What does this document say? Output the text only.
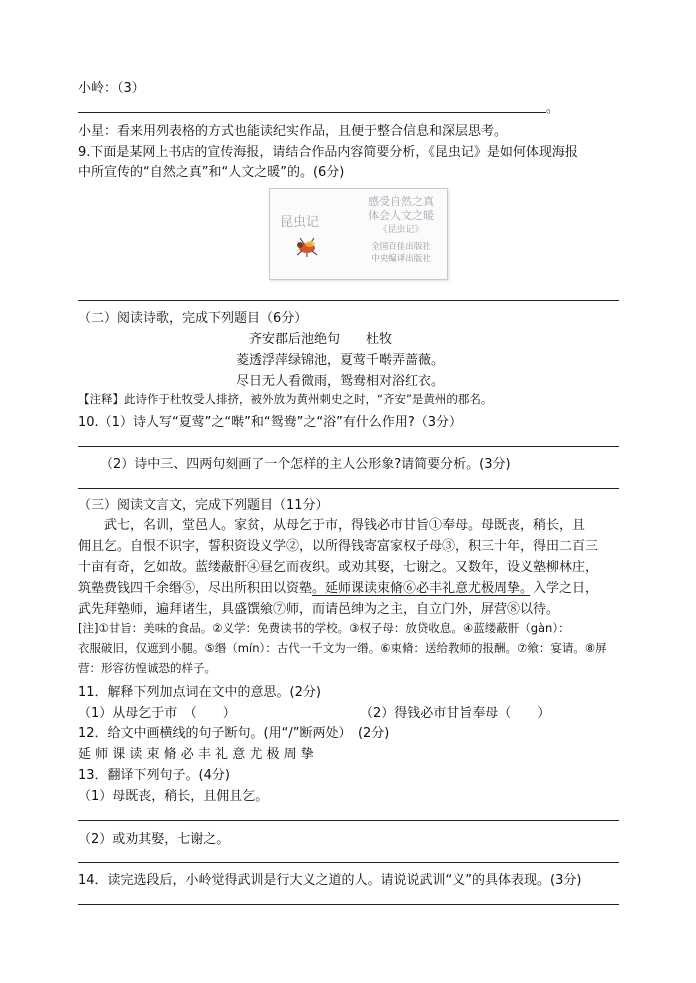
小岭：（3）
。
小星：看来用列表格的方式也能读纪实作品，且便于整合信息和深层思考。
9.下面是某网上书店的宣传海报，请结合作品内容简要分析，《昆虫记》是如何体现海报
中所宣传的“自然之真”和“人文之暖”的。(6分)
昆虫记
感受自然之真
体会人文之暖
《昆虫记》
全国百佳出版社
中央编译出版社
（二）阅读诗歌，完成下列题目（6分）
齐安郡后池绝句　　杜牧
菱透浮萍绿锦池，夏莺千啭弄蔷薇。
尽日无人看微雨，鸳鸯相对浴红衣。
【注释】此诗作于杜牧受人排挤，被外放为黄州刺史之时，“齐安”是黄州的郡名。
10.（1）诗人写“夏莺”之“啭”和“鸳鸯”之“浴”有什么作用?（3分）
（2）诗中三、四两句刻画了一个怎样的主人公形象?请简要分析。(3分)
（三）阅读文言文，完成下列题目（11分）
武七，名训，堂邑人。家贫，从母乞于市，得钱必市甘旨①奉母。母既丧，稍长，且
佣且乞。自恨不识字，誓积资设义学②，以所得钱寄富家权子母③，积三十年，得田二百三
十亩有奇，乞如故。蓝缕蔽骭④昼乞而夜织。或劝其娶，七谢之。又数年，设义塾柳林庄，
筑塾费钱四千余缗⑤，尽出所积田以资塾。延师课读束脩⑥必丰礼意尤极周挚。入学之日，
武先拜塾师，遍拜诸生，具盛馔飨⑦师，而请邑绅为之主，自立门外，屏营⑧以待。
[注]①甘旨：美味的食品。②义学：免费读书的学校。③权子母：放贷收息。④蓝缕蔽骭（gàn）：
衣服破旧，仅遮到小腿。⑤缗（mín）：古代一千文为一缗。⑥束脩：送给教师的报酬。⑦飨：宴请。⑧屏
营：形容彷惶诚恐的样子。
11．解释下列加点词在文中的意思。(2分)
（1）从母乞于市　（　　）	（2）得钱必市甘旨奉母（　　）
12．给文中画横线的句子断句。(用“/”断两处）　(2分)
延 师 课 读 束 脩 必 丰 礼 意 尤 极 周 挚
13．翻译下列句子。(4分)
（1）母既丧，稍长，且佣且乞。
（2）或劝其娶，七谢之。
14．读完选段后，小岭觉得武训是行大义之道的人。请说说武训“义”的具体表现。(3分)
